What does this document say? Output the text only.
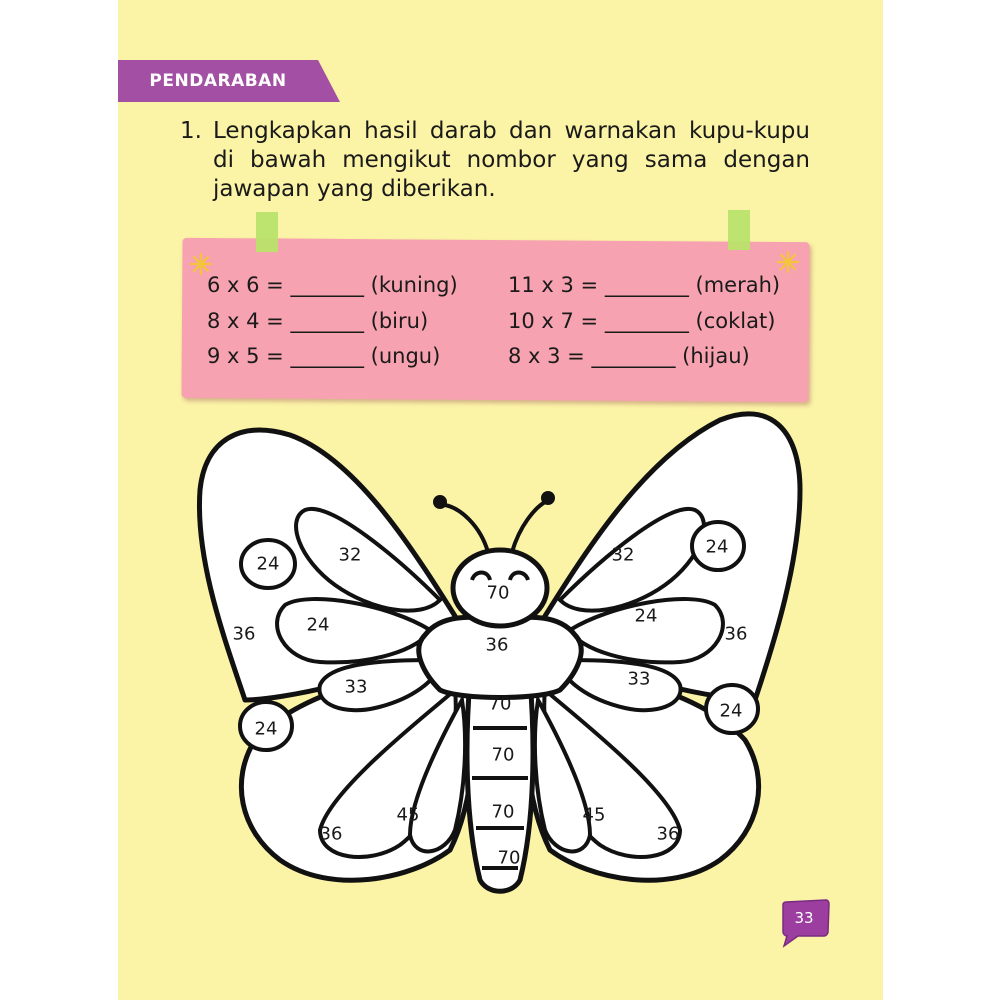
PENDARABAN
1. Lengkapkan hasil darab dan warnakan kupu-kupu
di bawah mengikut nombor yang sama dengan
jawapan yang diberikan.
6 x 6 = _______ (kuning)
8 x 4 = _______ (biru)
9 x 5 = _______ (ungu)
11 x 3 = ________ (merah)
10 x 7 = ________ (coklat)
8 x 3 = ________ (hijau)
24	32
24
36
33
24
45
36
24
32
24
36
33
24
45
36
70
36
70
70
70
70
33
